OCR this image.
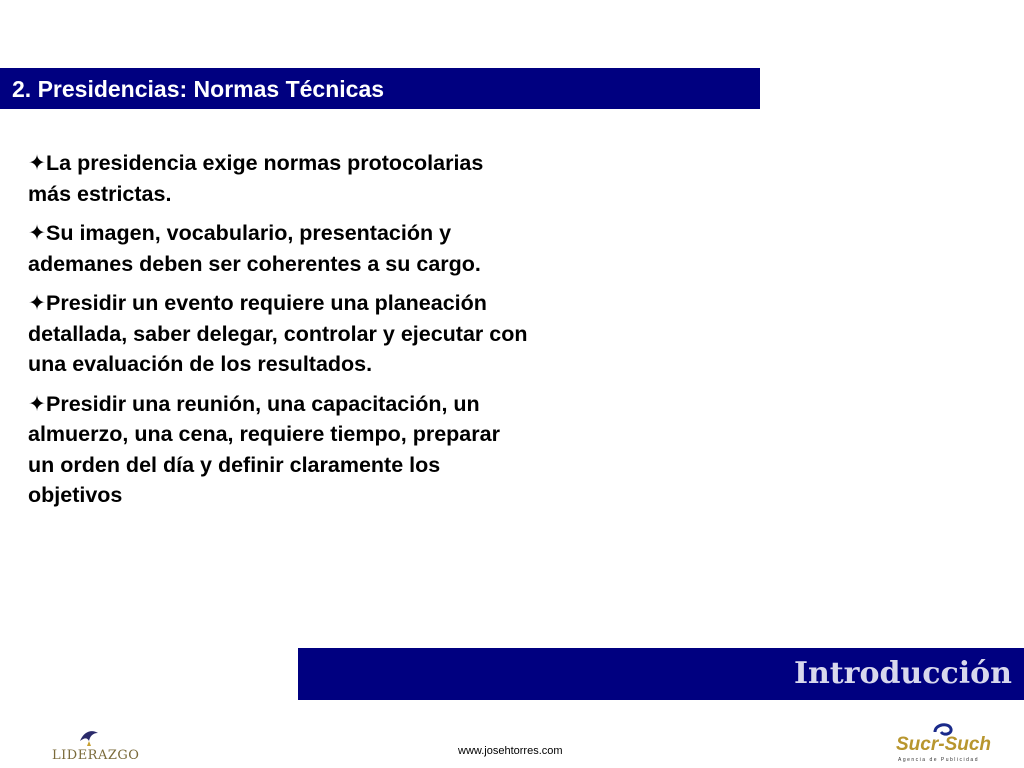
2. Presidencias: Normas Técnicas
✦La presidencia exige normas protocolarias más estrictas.
✦Su imagen, vocabulario, presentación y ademanes deben ser coherentes a su cargo.
✦Presidir un evento requiere una planeación detallada, saber delegar, controlar y ejecutar con una evaluación de los resultados.
✦Presidir una reunión, una capacitación, un almuerzo, una cena, requiere tiempo, preparar un orden del día y definir claramente los objetivos
Introducción
LIDERAZGO	www.josehtorres.com	Sucr-Such
Agencia de Publicidad
